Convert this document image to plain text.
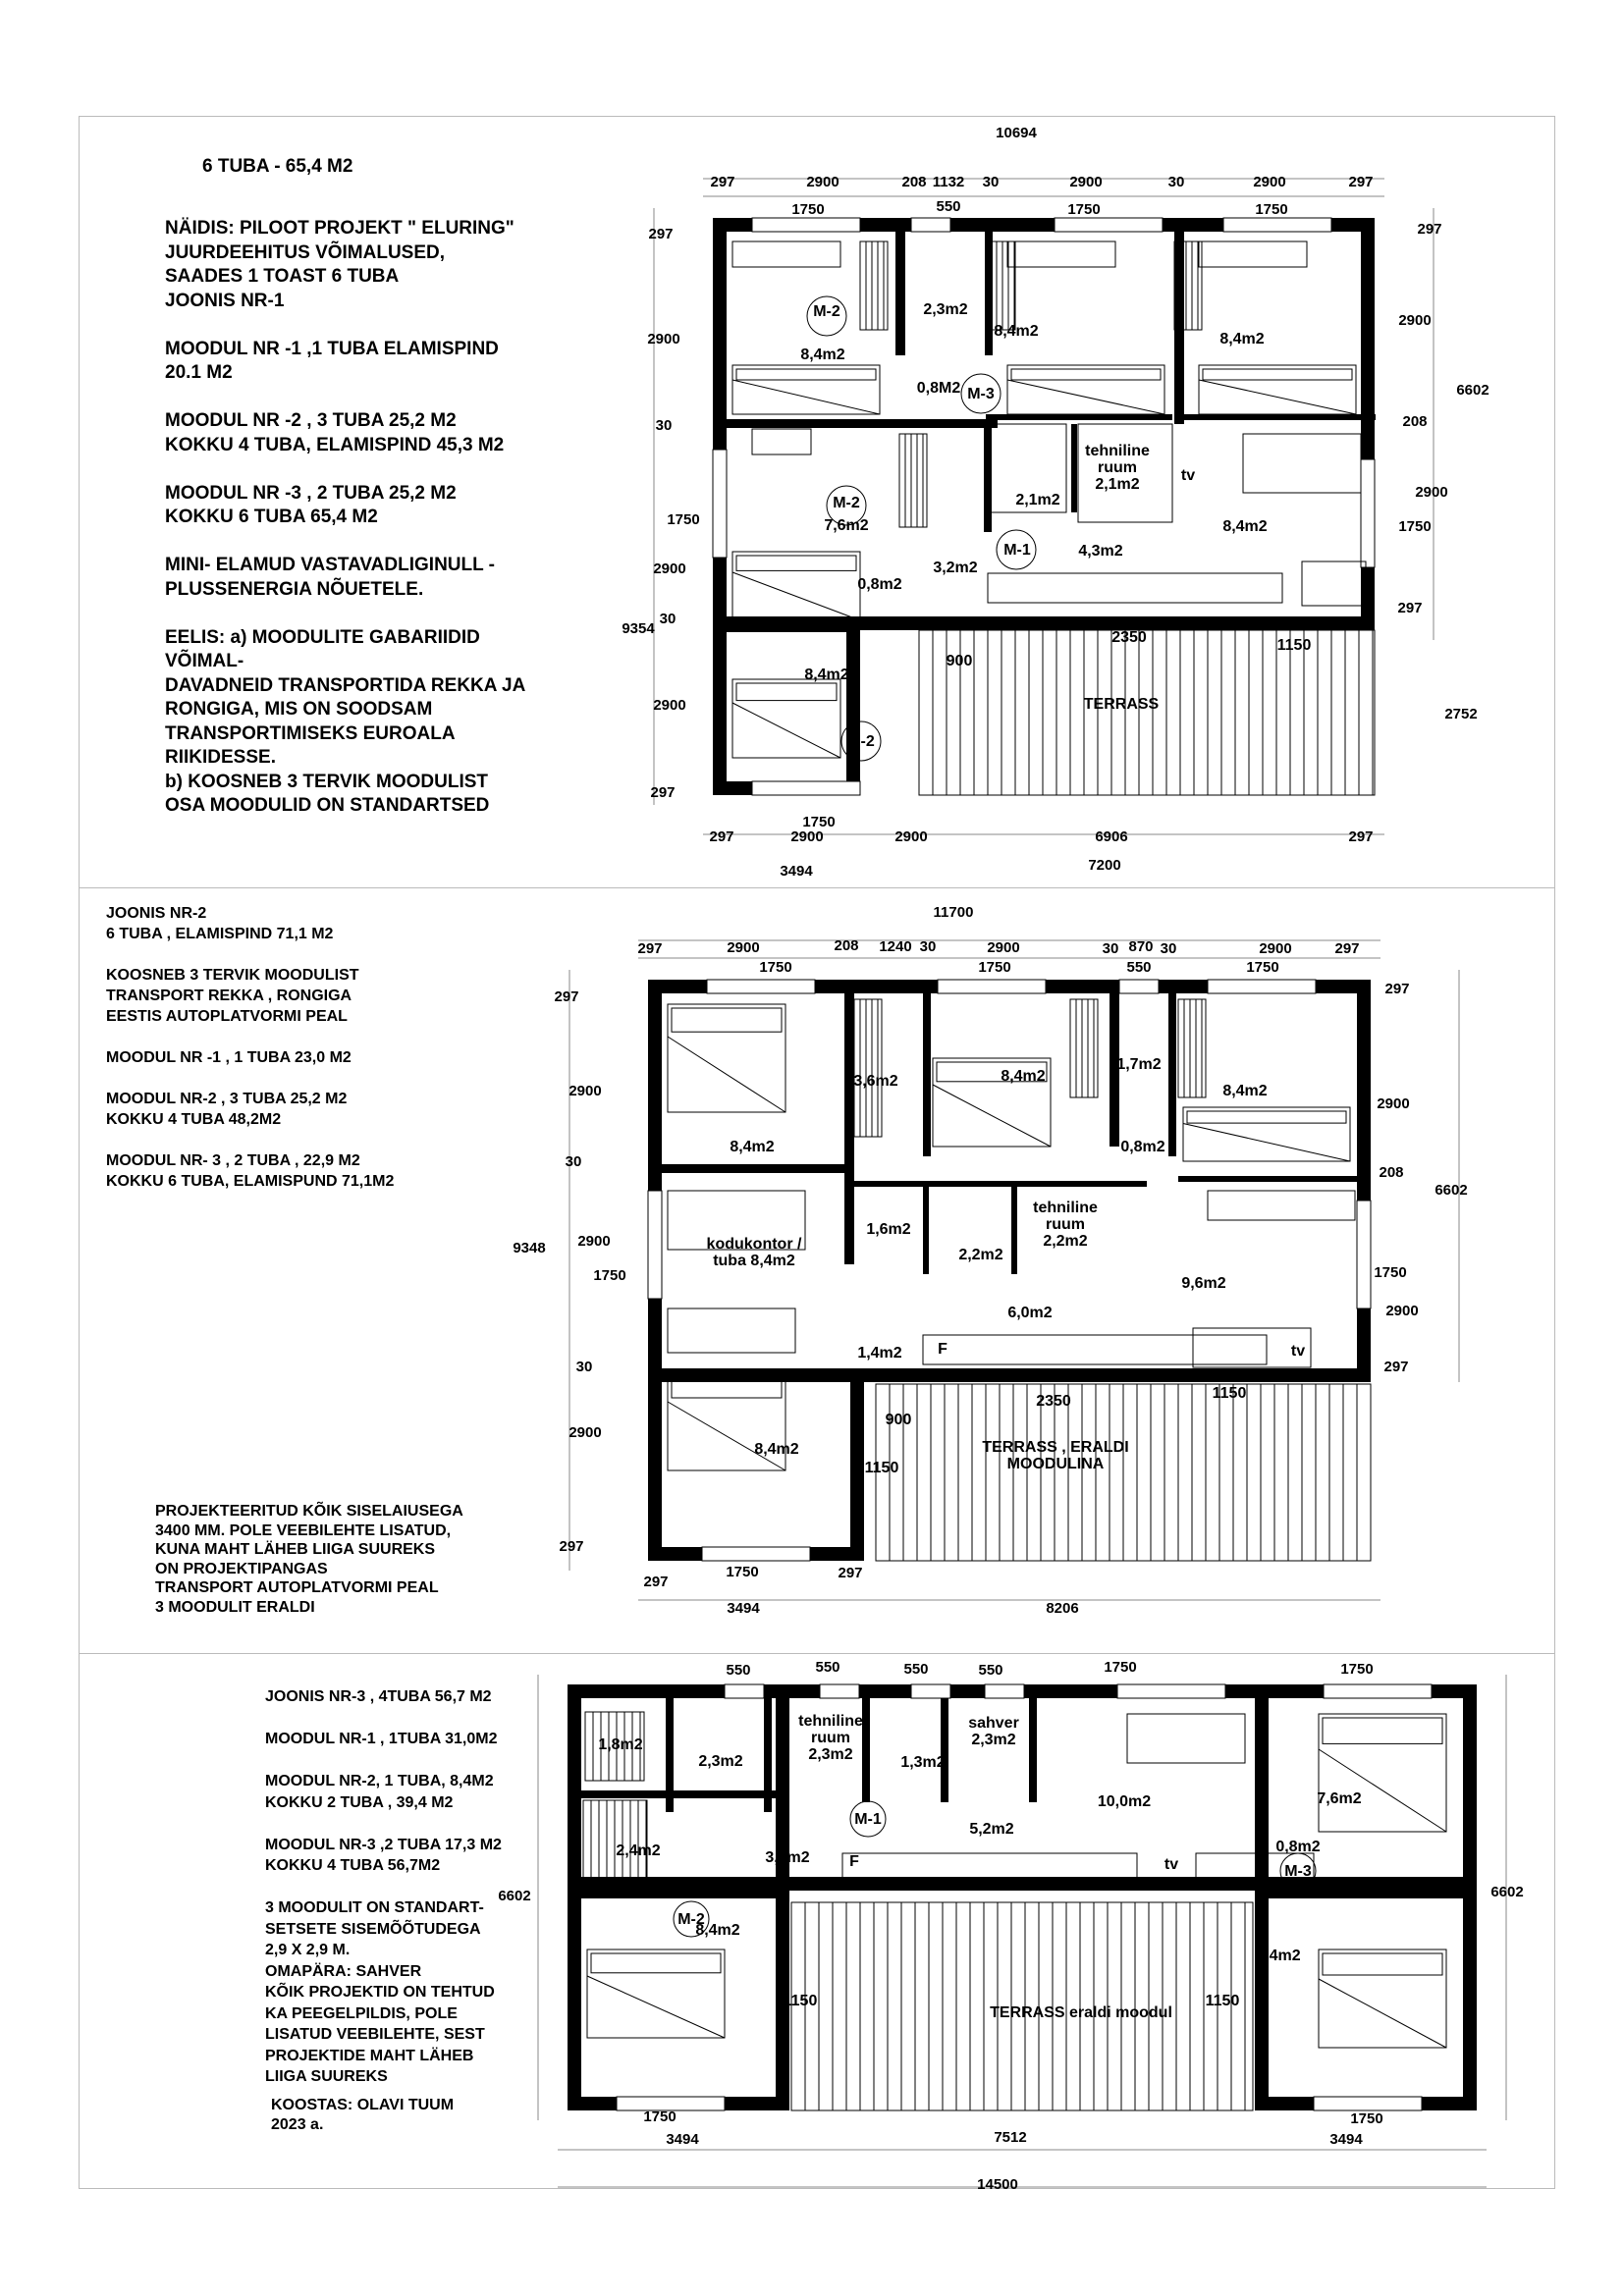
6 TUBA - 65,4 M2

NÄIDIS: PILOOT PROJEKT " ELURING"
JUURDEEHITUS VÕIMALUSED,
SAADES 1 TOAST 6 TUBA
JOONIS NR-1

MOODUL NR -1 ,1 TUBA ELAMISPIND
20.1 M2

MOODUL NR -2 , 3 TUBA 25,2 M2
KOKKU 4 TUBA, ELAMISPIND 45,3 M2

MOODUL NR -3 , 2 TUBA 25,2 M2
KOKKU 6 TUBA 65,4 M2

MINI- ELAMUD VASTAVADLIGINULL -
PLUSSENERGIA NÕUETELE.

EELIS: a) MOODULITE GABARIIDID
VÕIMAL-
DAVADNEID TRANSPORTIDA REKKA JA
RONGIGA, MIS ON SOODSAM
TRANSPORTIMISEKS EUROALA
RIIKIDESSE.
b) KOOSNEB 3 TERVIK MOODULIST
OSA MOODULID ON STANDARTSED
JOONIS NR-2
6 TUBA , ELAMISPIND 71,1 M2

KOOSNEB 3 TERVIK MOODULIST
TRANSPORT REKKA , RONGIGA
EESTIS AUTOPLATVORMI PEAL

MOODUL NR -1 , 1 TUBA 23,0 M2

MOODUL NR-2 , 3 TUBA 25,2 M2
KOKKU 4 TUBA 48,2M2

MOODUL NR- 3 , 2 TUBA , 22,9 M2
KOKKU 6 TUBA, ELAMISPUND 71,1M2
PROJEKTEERITUD KÕIK SISELAIUSEGA
3400 MM. POLE VEEBILEHTE LISATUD,
KUNA MAHT LÄHEB LIIGA SUUREKS
ON PROJEKTIPANGAS
TRANSPORT AUTOPLATVORMI PEAL
3 MOODULIT ERALDI
JOONIS NR-3 , 4TUBA 56,7 M2

MOODUL NR-1 , 1TUBA 31,0M2

MOODUL NR-2, 1 TUBA, 8,4M2
KOKKU 2 TUBA , 39,4 M2

MOODUL NR-3 ,2 TUBA 17,3 M2
KOKKU 4 TUBA 56,7M2

3 MOODULIT ON STANDART-
SETSETE SISEMÕÕTUDEGA
2,9 X 2,9 M.
OMAPÄRA: SAHVER
KÕIK PROJEKTID ON TEHTUD
KA PEEGELPILDIS, POLE
LISATUD VEEBILEHTE, SEST
PROJEKTIDE MAHT LÄHEB
LIIGA SUUREKS
KOOSTAS: OLAVI TUUM
2023 a.
10694
297	2900	208 1132 30	2900	30	2900	297
1750	550	1750	1750
297
2900
30
1750
2900
30
9354
2900
297
297
2900
6602
208
2900
1750
297
2752
1750
297	2900	2900	6906	297
3494	7200
8,4m2
M-2	2,3m2
8,4m2	8,4m2
0,8M2 M-3
tehniline ruum 2,1m2
2,1m2
tv
M-2
7,6m2	8,4m2
M-1	4,3m2
3,2m2
0,8m2
2350	1150
900
8,4m2
TERRASS
M-2
11700
297	2900	208 1240 30	2900	30 870 30	2900	297
1750	1750	550	1750
297
2900
30
2900
9348
1750
30
2900
297
297
2900
6602
208
1750
2900
297
297
1750	297
3494	8206
8,4m2
3,6m2	8,4m2
1,7m2
8,4m2
0,8m2
kodukontor / tuba 8,4m2
1,6m2
2,2m2
tehniline ruum 2,2m2
9,6m2
6,0m2
1,4m2 F	tv
2350	1150
900
1150
8,4m2	TERRASS , ERALDI MOODULINA
550	550	550	550	1750	1750
6602	6602
1750	1750
3494	7512	3494
14500
1,8m2
2,3m2
tehniline ruum 2,3m2	1,3m2
sahver 2,3m2
10,0m2	7,6m2
M-1
5,2m2
2,4m2	3,4m2	F	tv
0,8m2
M-3
M-2
8,4m2
8,4m2
1150	1150
TERRASS eraldi moodul
